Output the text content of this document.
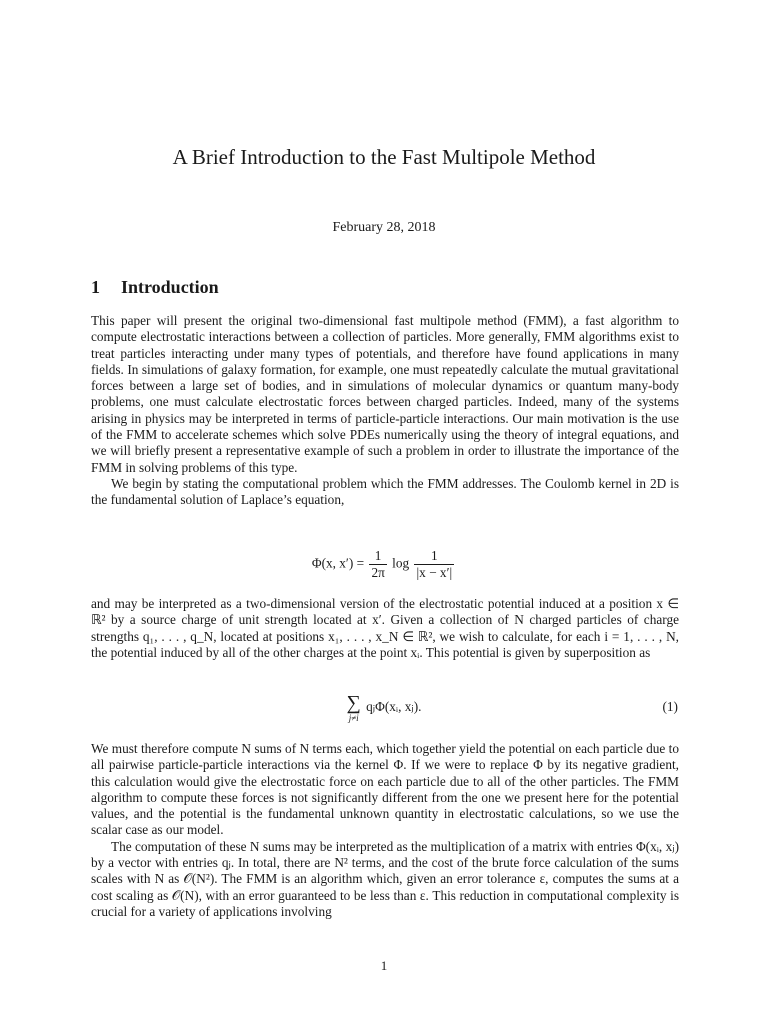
A Brief Introduction to the Fast Multipole Method
February 28, 2018
1 Introduction

This paper will present the original two-dimensional fast multipole method (FMM), a fast algorithm to compute electrostatic interactions between a collection of particles. More generally, FMM algorithms exist to treat particles interacting under many types of potentials, and therefore have found applications in many fields. In simulations of galaxy formation, for example, one must repeatedly calculate the mutual gravitational forces between a large set of bodies, and in simulations of molecular dynamics or quantum many-body problems, one must calculate electrostatic forces between charged particles. Indeed, many of the systems arising in physics may be interpreted in terms of particle-particle interactions. Our main motivation is the use of the FMM to accelerate schemes which solve PDEs numerically using the theory of integral equations, and we will briefly present a representative example of such a problem in order to illustrate the importance of the FMM in solving problems of this type.

We begin by stating the computational problem which the FMM addresses. The Coulomb kernel in 2D is the fundamental solution of Laplace’s equation,

Φ(x, $x') = \frac{1}{2\pi}$ $\log \frac{1}{|x - x'|}$

and may be interpreted as a two-dimensional version of the electrostatic potential induced at a position x ∈ ℝ² by a source charge of unit strength located at x′. Given a collection of N charged particles of charge strengths q₁, . . . , q_N, located at positions x₁, . . . , x_N ∈ ℝ², we wish to calculate, for each i = 1, . . . , N, the potential induced by all of the other charges at the point xᵢ. This potential is given by superposition as

∑
j≠i
qⱼΦ(xᵢ, xⱼ).	(1)

We must therefore compute N sums of N terms each, which together yield the potential on each particle due to all pairwise particle-particle interactions via the kernel Φ. If we were to replace Φ by its negative gradient, this calculation would give the electrostatic force on each particle due to all of the other particles. The FMM algorithm to compute these forces is not significantly different from the one we present here for the potential values, and the potential is the fundamental unknown quantity in electrostatic calculations, so we use the scalar case as our model.

The computation of these N sums may be interpreted as the multiplication of a matrix with entries Φ(xᵢ, xⱼ) by a vector with entries qⱼ. In total, there are N² terms, and the cost of the brute force calculation of the sums scales with N as 𝒪(N²). The FMM is an algorithm which, given an error tolerance ε, computes the sums at a cost scaling as 𝒪(N), with an error guaranteed to be less than ε. This reduction in computational complexity is crucial for a variety of applications involving

1
